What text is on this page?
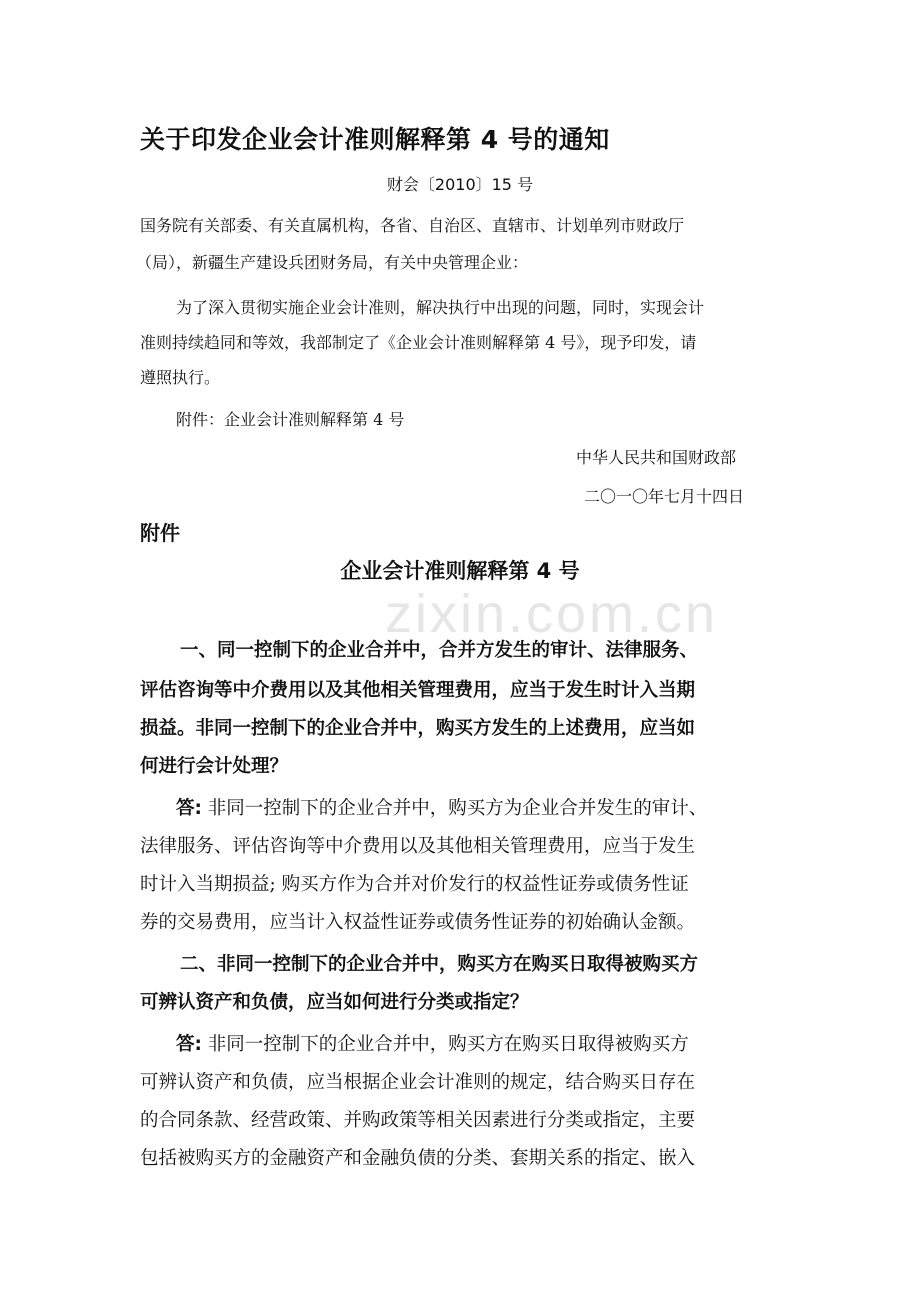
zixin.com.cn
关于印发企业会计准则解释第 4 号的通知
财会〔2010〕15 号
国务院有关部委、有关直属机构，各省、自治区、直辖市、计划单列市财政厅
（局），新疆生产建设兵团财务局，有关中央管理企业：
为了深入贯彻实施企业会计准则，解决执行中出现的问题，同时，实现会计
准则持续趋同和等效，我部制定了《企业会计准则解释第 4 号》，现予印发，请
遵照执行。
附件：企业会计准则解释第 4 号
中华人民共和国财政部
二〇一〇年七月十四日
附件
企业会计准则解释第 4 号
一、同一控制下的企业合并中，合并方发生的审计、法律服务、
评估咨询等中介费用以及其他相关管理费用，应当于发生时计入当期
损益。非同一控制下的企业合并中，购买方发生的上述费用，应当如
何进行会计处理？
答: 非同一控制下的企业合并中，购买方为企业合并发生的审计、
法律服务、评估咨询等中介费用以及其他相关管理费用，应当于发生
时计入当期损益; 购买方作为合并对价发行的权益性证券或债务性证
券的交易费用，应当计入权益性证券或债务性证券的初始确认金额。
二、非同一控制下的企业合并中，购买方在购买日取得被购买方
可辨认资产和负债，应当如何进行分类或指定？
答: 非同一控制下的企业合并中，购买方在购买日取得被购买方
可辨认资产和负债，应当根据企业会计准则的规定，结合购买日存在
的合同条款、经营政策、并购政策等相关因素进行分类或指定，主要
包括被购买方的金融资产和金融负债的分类、套期关系的指定、嵌入
